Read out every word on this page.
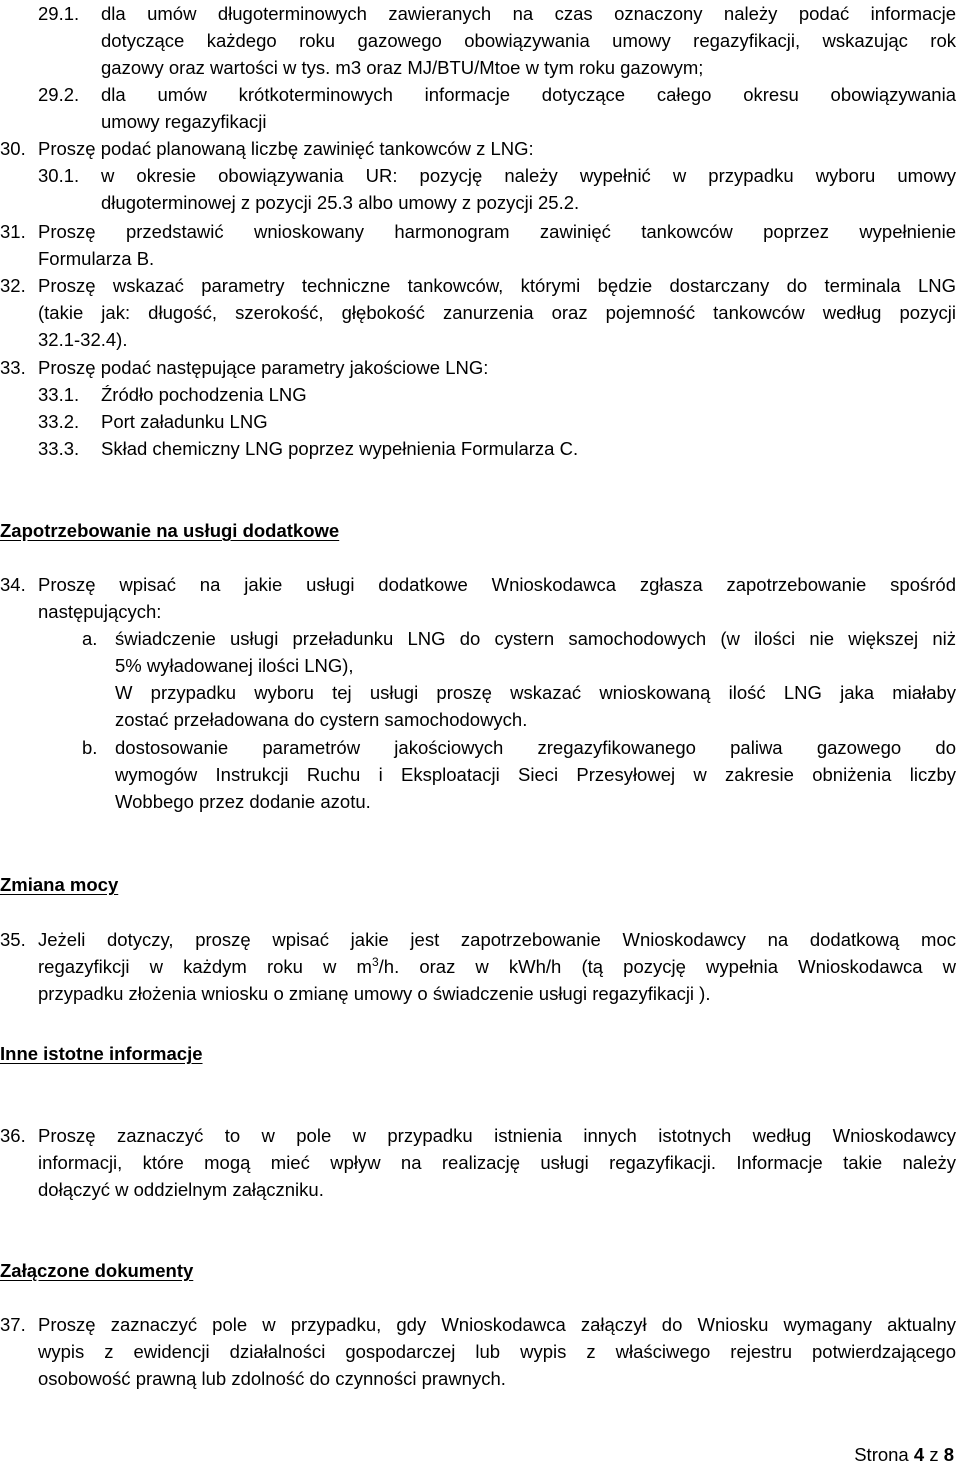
29.1. dla umów długoterminowych zawieranych na czas oznaczony należy podać informacje
dotyczące każdego roku gazowego obowiązywania umowy regazyfikacji, wskazując rok
gazowy oraz wartości w tys. m3 oraz MJ/BTU/Mtoe w tym roku gazowym;
29.2. dla umów krótkoterminowych informacje dotyczące całego okresu obowiązywania
umowy regazyfikacji
30. Proszę podać planowaną liczbę zawinięć tankowców z LNG:
30.1. w okresie obowiązywania UR: pozycję należy wypełnić w przypadku wyboru umowy
długoterminowej z pozycji 25.3 albo umowy z pozycji 25.2.
31. Proszę przedstawić wnioskowany harmonogram zawinięć tankowców poprzez wypełnienie
Formularza B.
32. Proszę wskazać parametry techniczne tankowców, którymi będzie dostarczany do terminala LNG
(takie jak: długość, szerokość, głębokość zanurzenia oraz pojemność tankowców według pozycji
32.1-32.4).
33. Proszę podać następujące parametry jakościowe LNG:
33.1. Źródło pochodzenia LNG
33.2. Port załadunku LNG
33.3. Skład chemiczny LNG poprzez wypełnienia Formularza C.
Zapotrzebowanie na usługi dodatkowe
34. Proszę wpisać na jakie usługi dodatkowe Wnioskodawca zgłasza zapotrzebowanie spośród
następujących:
a. świadczenie usługi przeładunku LNG do cystern samochodowych (w ilości nie większej niż
5% wyładowanej ilości LNG),
W przypadku wyboru tej usługi proszę wskazać wnioskowaną ilość LNG jaka miałaby
zostać przeładowana do cystern samochodowych.
b. dostosowanie parametrów jakościowych zregazyfikowanego paliwa gazowego do
wymogów Instrukcji Ruchu i Eksploatacji Sieci Przesyłowej w zakresie obniżenia liczby
Wobbego przez dodanie azotu.
Zmiana mocy
35. Jeżeli dotyczy, proszę wpisać jakie jest zapotrzebowanie Wnioskodawcy na dodatkową moc
regazyfikcji w każdym roku w $m^3/h$. oraz w kWh/h (tą pozycję wypełnia Wnioskodawca w
przypadku złożenia wniosku o zmianę umowy o świadczenie usługi regazyfikacji ).
Inne istotne informacje
36. Proszę zaznaczyć to w pole w przypadku istnienia innych istotnych według Wnioskodawcy
informacji, które mogą mieć wpływ na realizację usługi regazyfikacji. Informacje takie należy
dołączyć w oddzielnym załączniku.
Załączone dokumenty
37. Proszę zaznaczyć pole w przypadku, gdy Wnioskodawca załączył do Wniosku wymagany aktualny
wypis z ewidencji działalności gospodarczej lub wypis z właściwego rejestru potwierdzającego
osobowość prawną lub zdolność do czynności prawnych.
Strona 4 z 8
